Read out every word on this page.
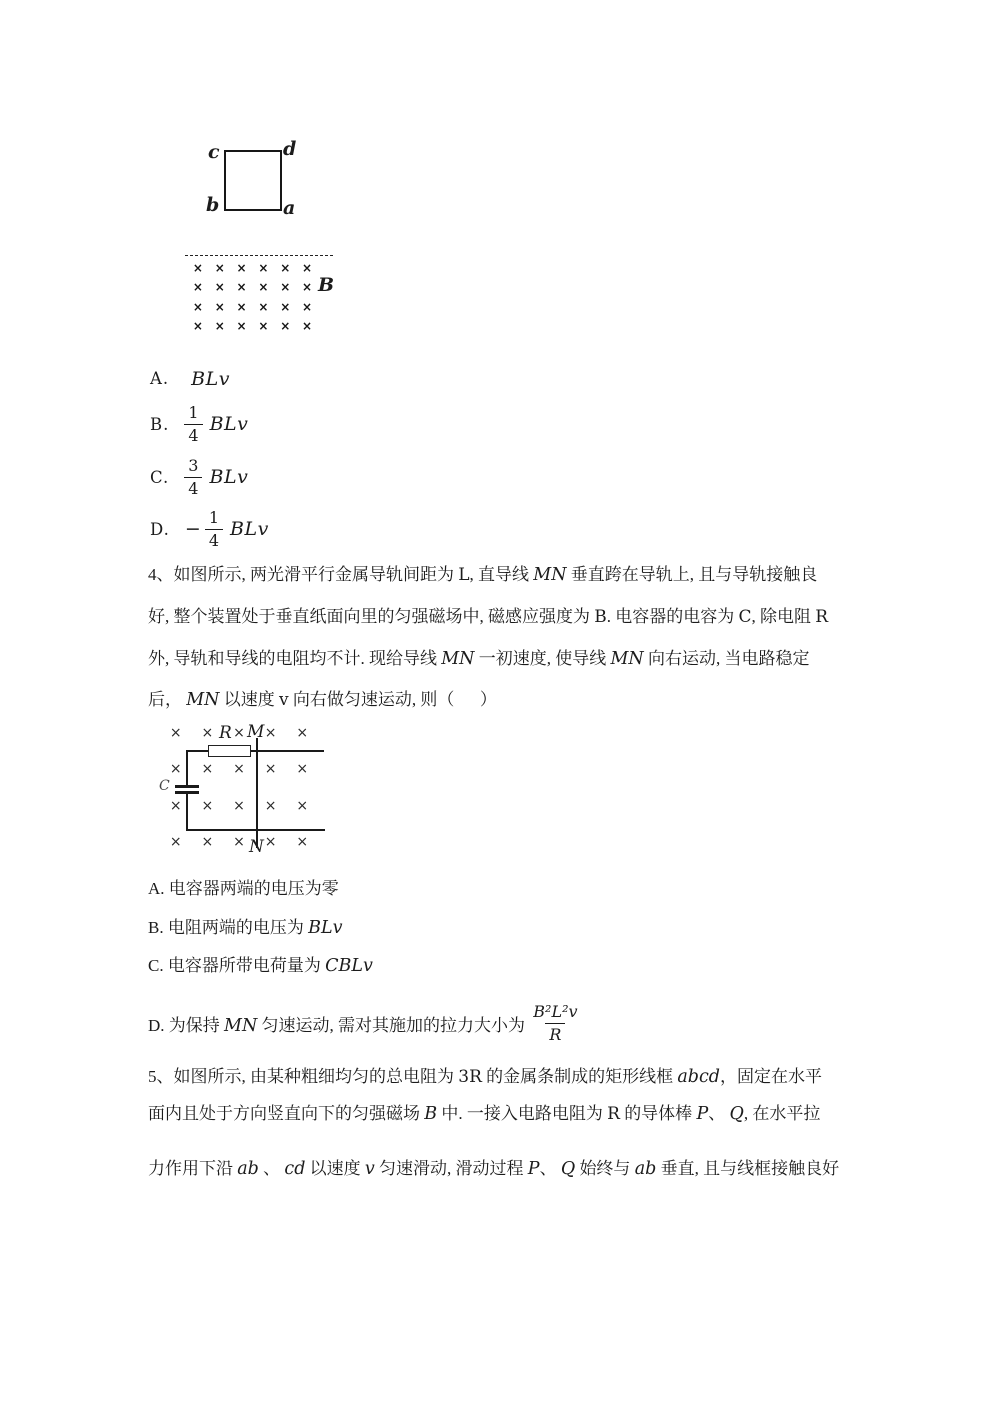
c	d
b	a
× × × × × ×
× × × × × ×
× × × × × ×
× × × × × ×
B
A. BLv
B. $\frac{1}{4}$ BLv
C. $\frac{3}{4}$ BLv
D. − $\frac{1}{4}$ BLv
4、如图所示, 两光滑平行金属导轨间距为 L, 直导线 MN 垂直跨在导轨上, 且与导轨接触良
好, 整个装置处于垂直纸面向里的匀强磁场中, 磁感应强度为 B. 电容器的电容为 C, 除电阻 R
外, 导轨和导线的电阻均不计. 现给导线 MN 一初速度, 使导线 MN 向右运动, 当电路稳定
后， MN 以速度 v 向右做匀速运动, 则（      ）
× × × × ×
× × × × ×
× × × × ×
× × × × ×
C
R M
N
A. 电容器两端的电压为零
B. 电阻两端的电压为 BLv
C. 电容器所带电荷量为 CBLv
D. 为保持 MN 匀速运动, 需对其施加的拉力大小为 $\frac{\text{B²L²v}}{R}$
5、如图所示, 由某种粗细均匀的总电阻为 3R 的金属条制成的矩形线框 abcd，固定在水平
面内且处于方向竖直向下的匀强磁场 B 中. 一接入电路电阻为 R 的导体棒 P、 Q, 在水平拉
力作用下沿 ab 、 cd 以速度 v 匀速滑动, 滑动过程 P、 Q 始终与 ab 垂直, 且与线框接触良好
